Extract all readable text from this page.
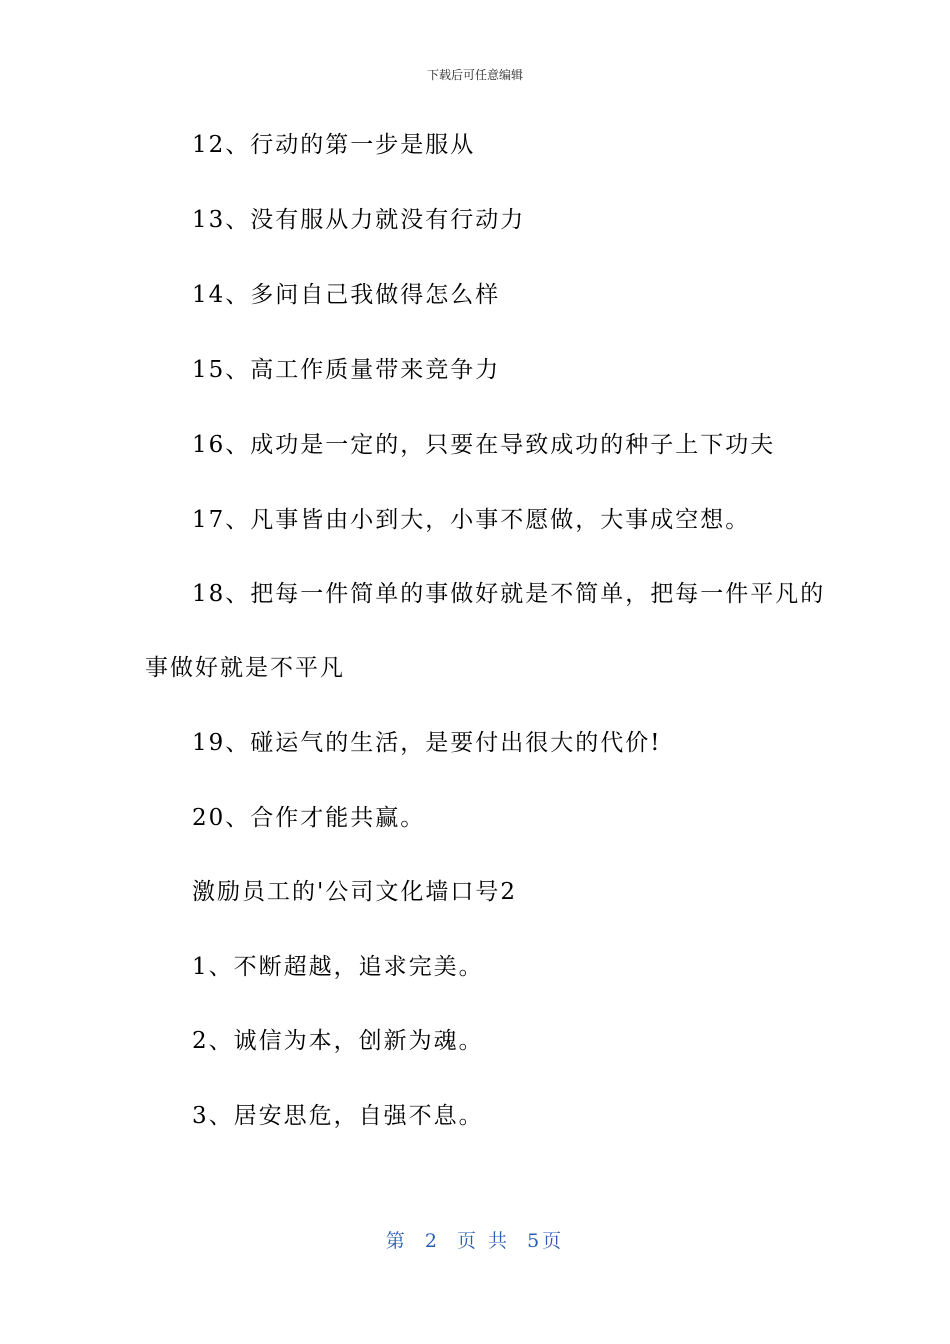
下载后可任意编辑
12、行动的第一步是服从
13、没有服从力就没有行动力
14、多问自己我做得怎么样
15、高工作质量带来竞争力
16、成功是一定的，只要在导致成功的种子上下功夫
17、凡事皆由小到大，小事不愿做，大事成空想。
18、把每一件简单的事做好就是不简单，把每一件平凡的
事做好就是不平凡
19、碰运气的生活，是要付出很大的代价!
20、合作才能共赢。
激励员工的'公司文化墙口号2
1、不断超越，追求完美。
2、诚信为本，创新为魂。
3、居安思危，自强不息。
第 2 页 共 5页
